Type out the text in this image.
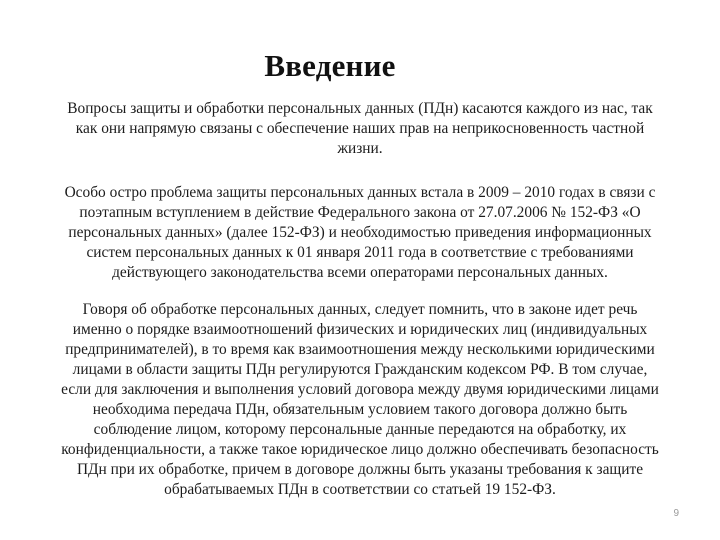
Введение
Вопросы защиты и обработки персональных данных (ПДн) касаются каждого из нас, так
как они напрямую связаны с обеспечение наших прав на неприкосновенность частной
жизни.
Особо остро проблема защиты персональных данных встала в 2009 – 2010 годах в связи с
поэтапным вступлением в действие Федерального закона от 27.07.2006 № 152-ФЗ «О
персональных данных» (далее 152-ФЗ) и необходимостью приведения информационных
систем персональных данных к 01 января 2011 года в соответствие с требованиями
действующего законодательства всеми операторами персональных данных.
Говоря об обработке персональных данных, следует помнить, что в законе идет речь
именно о порядке взаимоотношений физических и юридических лиц (индивидуальных
предпринимателей), в то время как взаимоотношения между несколькими юридическими
лицами в области защиты ПДн регулируются Гражданским кодексом РФ. В том случае,
если для заключения и выполнения условий договора между двумя юридическими лицами
необходима передача ПДн, обязательным условием такого договора должно быть
соблюдение лицом, которому персональные данные передаются на обработку, их
конфиденциальности, а также такое юридическое лицо должно обеспечивать безопасность
ПДн при их обработке, причем в договоре должны быть указаны требования к защите
обрабатываемых ПДн в соответствии со статьей 19 152-ФЗ.
9
